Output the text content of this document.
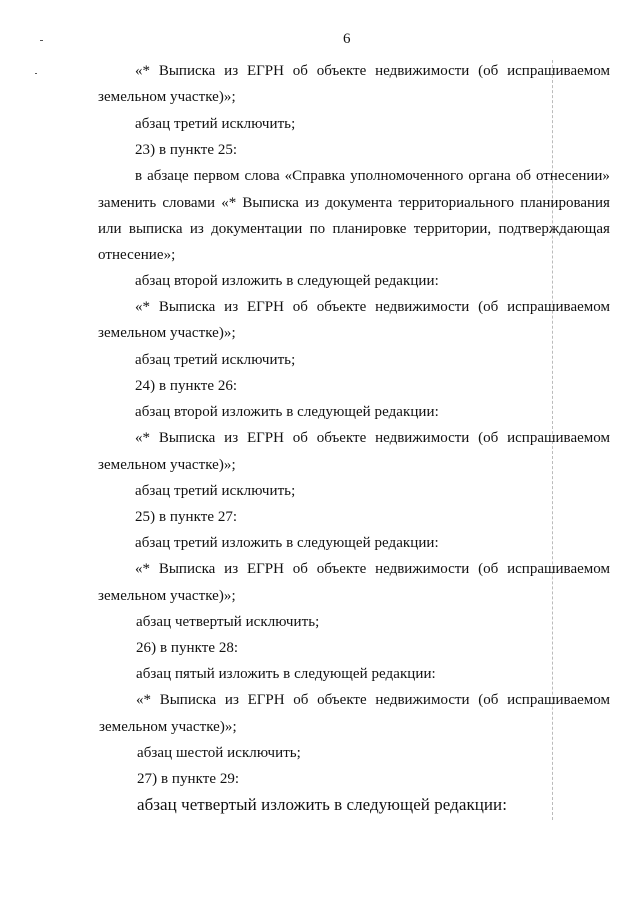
6
«* Выписка из ЕГРН об объекте недвижимости (об испрашиваемом
земельном участке)»;
абзац третий исключить;
23) в пункте 25:
в абзаце первом слова «Справка уполномоченного органа об отнесении»
заменить словами «* Выписка из документа территориального планирования
или выписка из документации по планировке территории, подтверждающая
отнесение»;
абзац второй изложить в следующей редакции:
«* Выписка из ЕГРН об объекте недвижимости (об испрашиваемом
земельном участке)»;
абзац третий исключить;
24) в пункте 26:
абзац второй изложить в следующей редакции:
«* Выписка из ЕГРН об объекте недвижимости (об испрашиваемом
земельном участке)»;
абзац третий исключить;
25) в пункте 27:
абзац третий изложить в следующей редакции:
«* Выписка из ЕГРН об объекте недвижимости (об испрашиваемом
земельном участке)»;
абзац четвертый исключить;
26) в пункте 28:
абзац пятый изложить в следующей редакции:
«* Выписка из ЕГРН об объекте недвижимости (об испрашиваемом
земельном участке)»;
абзац шестой исключить;
27) в пункте 29:
абзац четвертый изложить в следующей редакции:
